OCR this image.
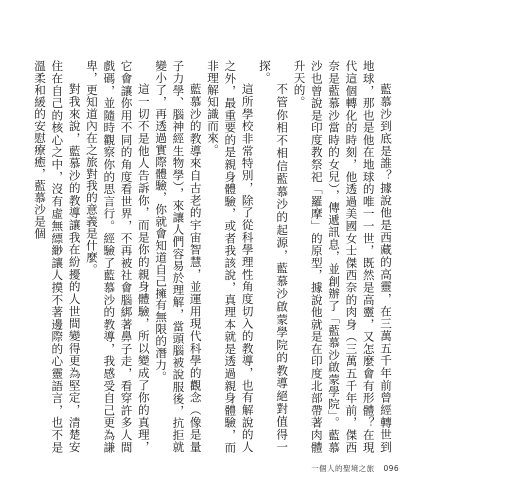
藍慕沙到底是誰？據說他是西藏的高靈，在三萬五千年前曾經轉世到地球，那也是他在地球的唯一一世，既然是高靈，又怎麼會有形體？在現代這個轉化的時刻，他透過美國女士傑西奈的肉身（三萬五千年前，傑西奈是藍慕沙當時的女兒），傳遞訊息，並創辦了「藍慕沙啟蒙學院」。藍慕沙也曾說是印度教祭祀「羅摩」的原型，據說他就是在印度北部帶著肉體升天的。

不管你相不相信藍慕沙的起源，藍慕沙啟蒙學院的教導絕對值得一探。

這所學校非常特別，除了從科學理性角度切入的教導，也有解說的人之外，最重要的是親身體驗，或者我該說，真理本就是透過親身體驗，而非理解知識而來。

藍慕沙的教導來自古老的宇宙智慧，並運用現代科學的觀念（像是量子力學、腦神經生物學），來讓人們容易於理解，當頭腦被說服後，抗拒就變小了，再透過實際體驗，你就會知道自己擁有無限的潛力。

這一切不是他人告訴你，而是你的親身體驗，所以變成了你的真理，它會讓你用不同的角度看世界，不再被社會腦綁著鼻子走，看穿許多人間戲碼，並隨時觀察你的思言行。經驗了藍慕沙的教導，我感受自己更為謙卑，更知道內在之旅對我的意義是什麼。

對我來說，藍慕沙的教導讓我在紛擾的人世間變得更為堅定，清楚安住在自己的核心之中，沒有虛無縹緲讓人摸不著邊際的心靈語言，也不是溫柔和緩的安慰療癒，藍慕沙是個

一個人的聖境之旅 096
